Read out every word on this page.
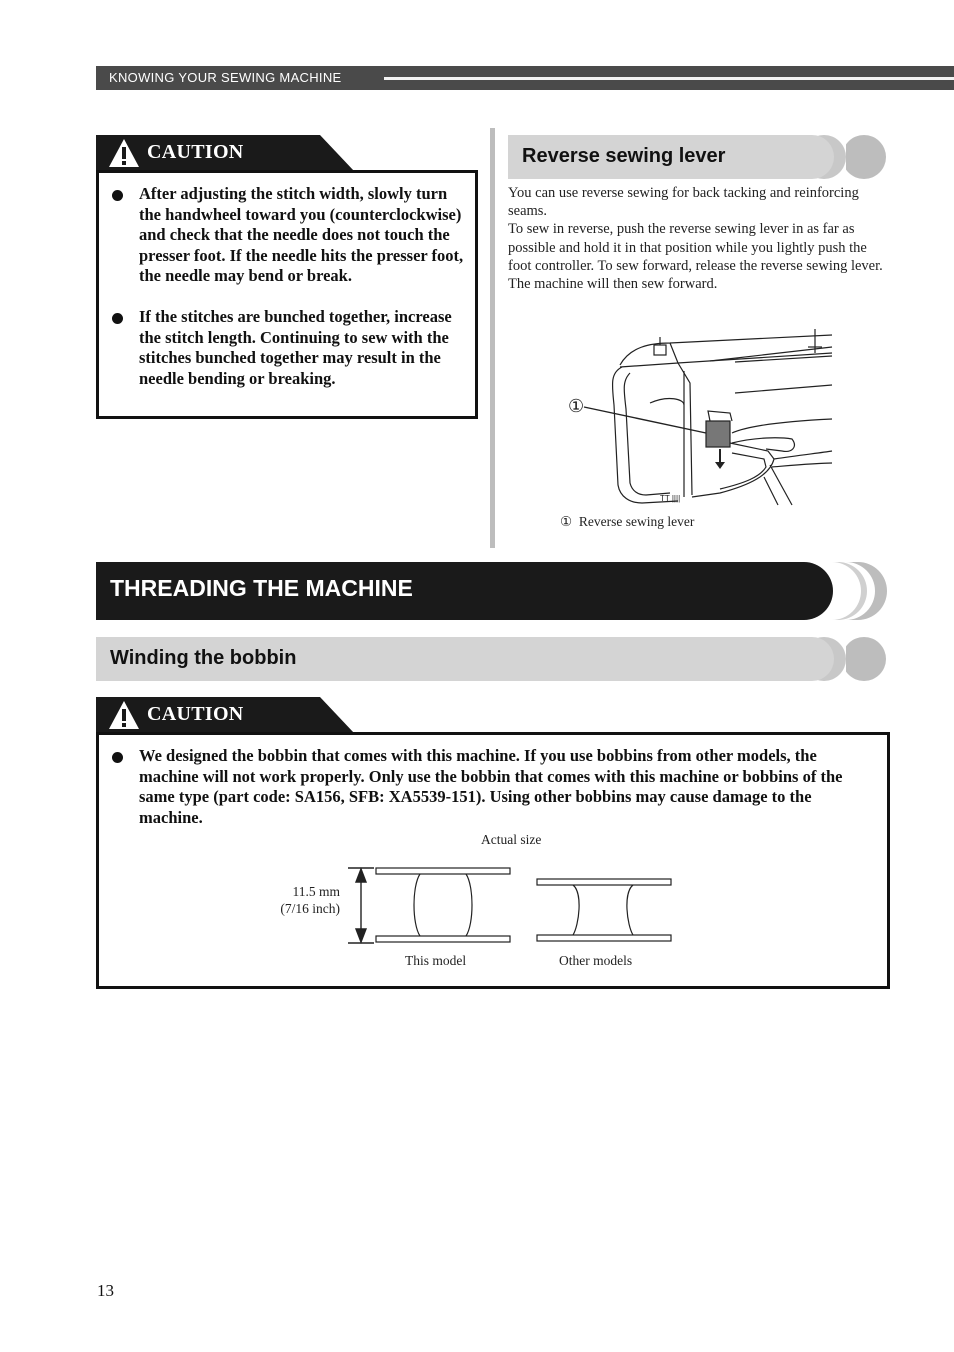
KNOWING YOUR SEWING MACHINE
CAUTION
After adjusting the stitch width, slowly turn the handwheel toward you (counterclockwise) and check that the needle does not touch the presser foot. If the needle hits the presser foot, the needle may bend or break.
If the stitches are bunched together, increase the stitch length. Continuing to sew with the stitches bunched together may result in the needle bending or breaking.
Reverse sewing lever
You can use reverse sewing for back tacking and reinforcing seams.
To sew in reverse, push the reverse sewing lever in as far as possible and hold it in that position while you lightly push the foot controller. To sew forward, release the reverse sewing lever. The machine will then sew forward.
TT ||||
①
① Reverse sewing lever
THREADING THE MACHINE
Winding the bobbin
CAUTION
We designed the bobbin that comes with this machine. If you use bobbins from other models, the machine will not work properly. Only use the bobbin that comes with this machine or bobbins of the same type (part code: SA156, SFB: XA5539-151). Using other bobbins may cause damage to the machine.
Actual size
11.5 mm
(7/16 inch)
This model	Other models
13
